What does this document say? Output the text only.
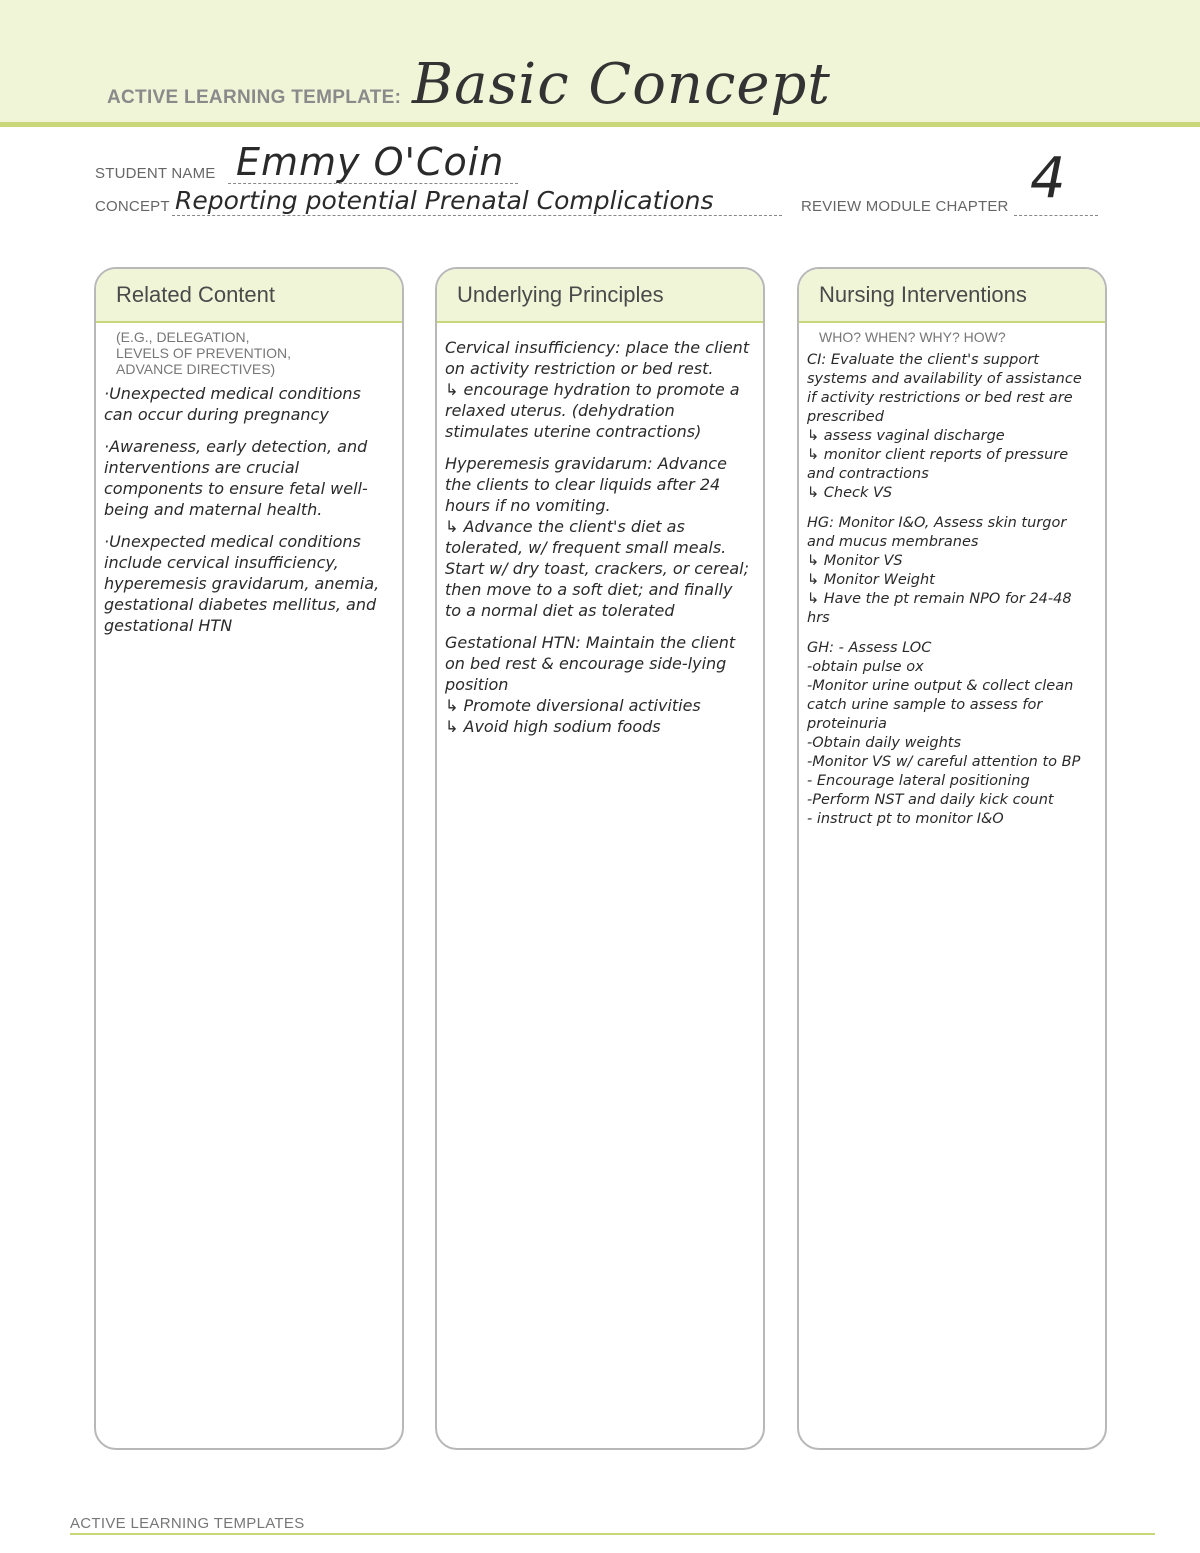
ACTIVE LEARNING TEMPLATE: Basic Concept
STUDENT NAME Emmy O'Coin
CONCEPT Reporting potential Prenatal Complications	REVIEW MODULE CHAPTER 4
Related Content
(E.G., DELEGATION,
LEVELS OF PREVENTION,
ADVANCE DIRECTIVES)

·Unexpected medical conditions can occur during pregnancy

·Awareness, early detection, and interventions are crucial components to ensure fetal well-being and maternal health.

·Unexpected medical conditions include cervical insufficiency, hyperemesis gravidarum, anemia, gestational diabetes mellitus, and gestational HTN

Underlying Principles

Cervical insufficiency: place the client on activity restriction or bed rest.
↳ encourage hydration to promote a relaxed uterus. (dehydration stimulates uterine contractions)

Hyperemesis gravidarum: Advance the clients to clear liquids after 24 hours if no vomiting.
↳ Advance the client's diet as tolerated, w/ frequent small meals. Start w/ dry toast, crackers, or cereal; then move to a soft diet; and finally to a normal diet as tolerated

Gestational HTN: Maintain the client on bed rest & encourage side-lying position
↳ Promote diversional activities
↳ Avoid high sodium foods

Nursing Interventions
WHO? WHEN? WHY? HOW?

CI: Evaluate the client's support systems and availability of assistance if activity restrictions or bed rest are prescribed
↳ assess vaginal discharge
↳ monitor client reports of pressure and contractions
↳ Check VS

HG: Monitor I&O, Assess skin turgor and mucus membranes
↳ Monitor VS
↳ Monitor Weight
↳ Have the pt remain NPO for 24-48 hrs

GH: - Assess LOC
-obtain pulse ox
-Monitor urine output & collect clean catch urine sample to assess for proteinuria
-Obtain daily weights
-Monitor VS w/ careful attention to BP
- Encourage lateral positioning
-Perform NST and daily kick count
- instruct pt to monitor I&O

ACTIVE LEARNING TEMPLATES
